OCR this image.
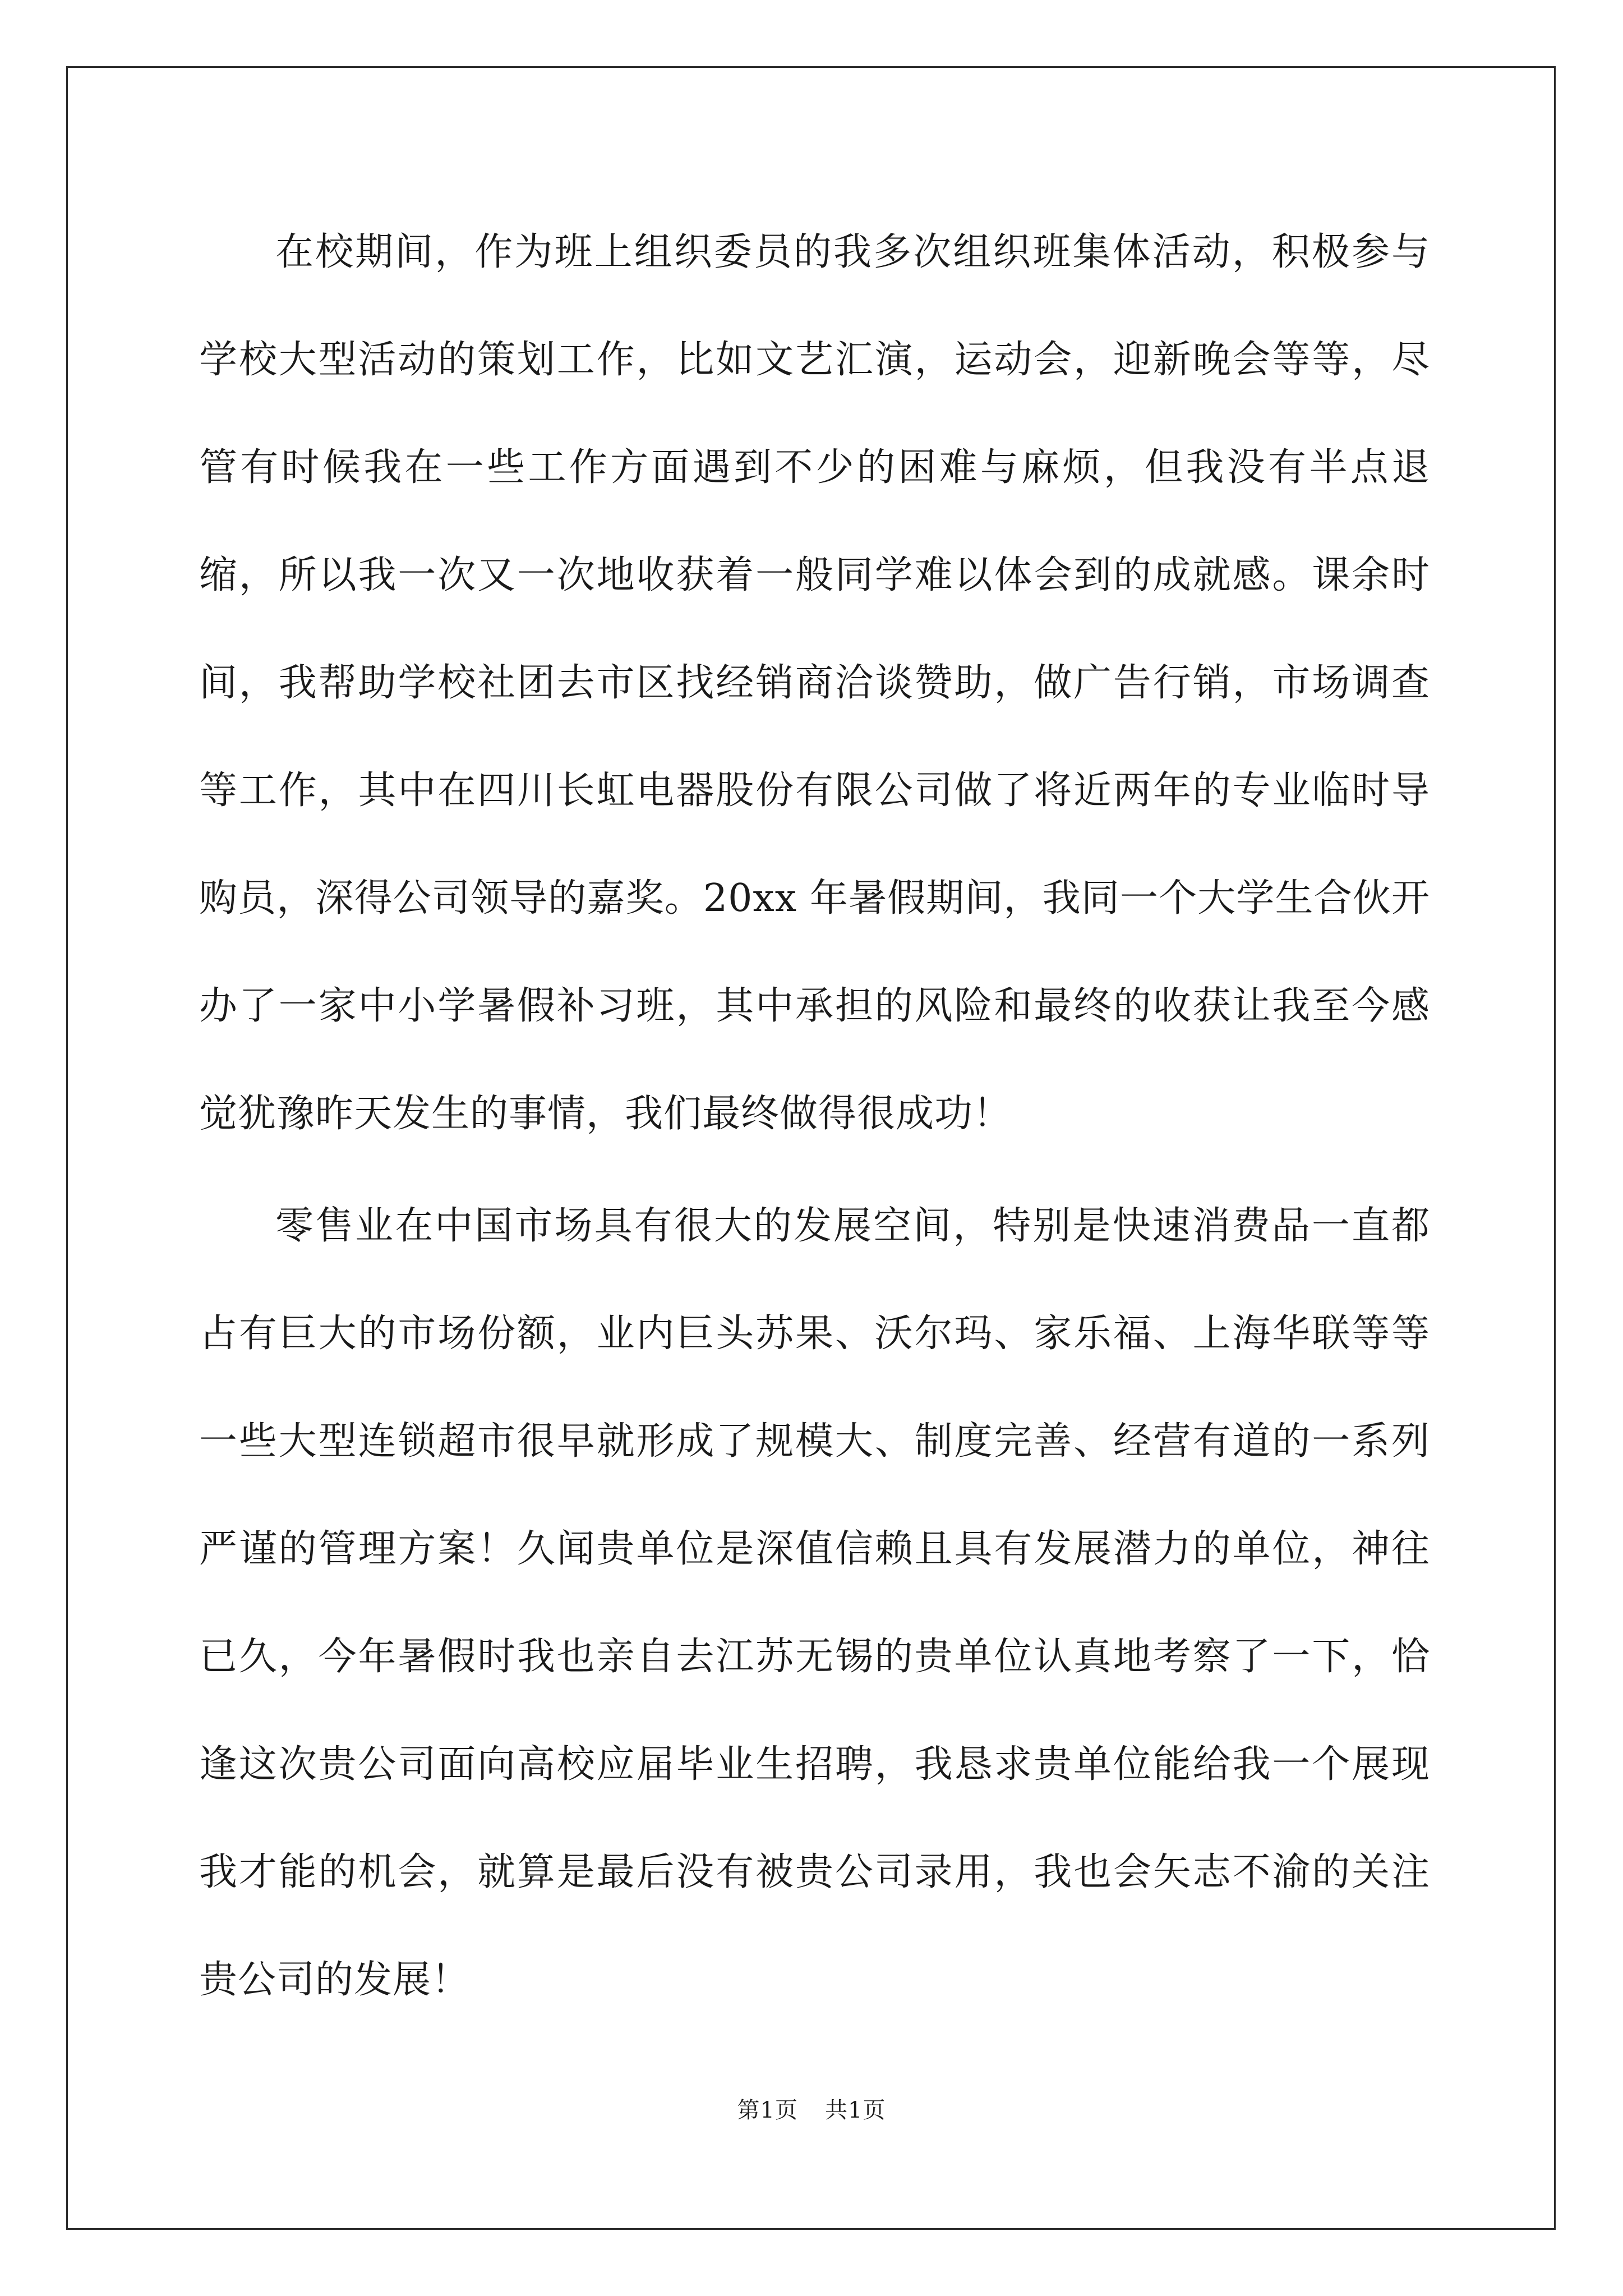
在校期间，作为班上组织委员的我多次组织班集体活动，积极参与学校大型活动的策划工作，比如文艺汇演，运动会，迎新晚会等等，尽管有时候我在一些工作方面遇到不少的困难与麻烦，但我没有半点退缩，所以我一次又一次地收获着一般同学难以体会到的成就感。课余时间，我帮助学校社团去市区找经销商洽谈赞助，做广告行销，市场调查等工作，其中在四川长虹电器股份有限公司做了将近两年的专业临时导购员，深得公司领导的嘉奖。20xx 年暑假期间，我同一个大学生合伙开办了一家中小学暑假补习班，其中承担的风险和最终的收获让我至今感觉犹豫昨天发生的事情，我们最终做得很成功！

零售业在中国市场具有很大的发展空间，特别是快速消费品一直都占有巨大的市场份额，业内巨头苏果、沃尔玛、家乐福、上海华联等等一些大型连锁超市很早就形成了规模大、制度完善、经营有道的一系列严谨的管理方案！久闻贵单位是深值信赖且具有发展潜力的单位，神往已久，今年暑假时我也亲自去江苏无锡的贵单位认真地考察了一下，恰逢这次贵公司面向高校应届毕业生招聘，我恳求贵单位能给我一个展现我才能的机会，就算是最后没有被贵公司录用，我也会矢志不渝的关注贵公司的发展！

第1页 共1页
